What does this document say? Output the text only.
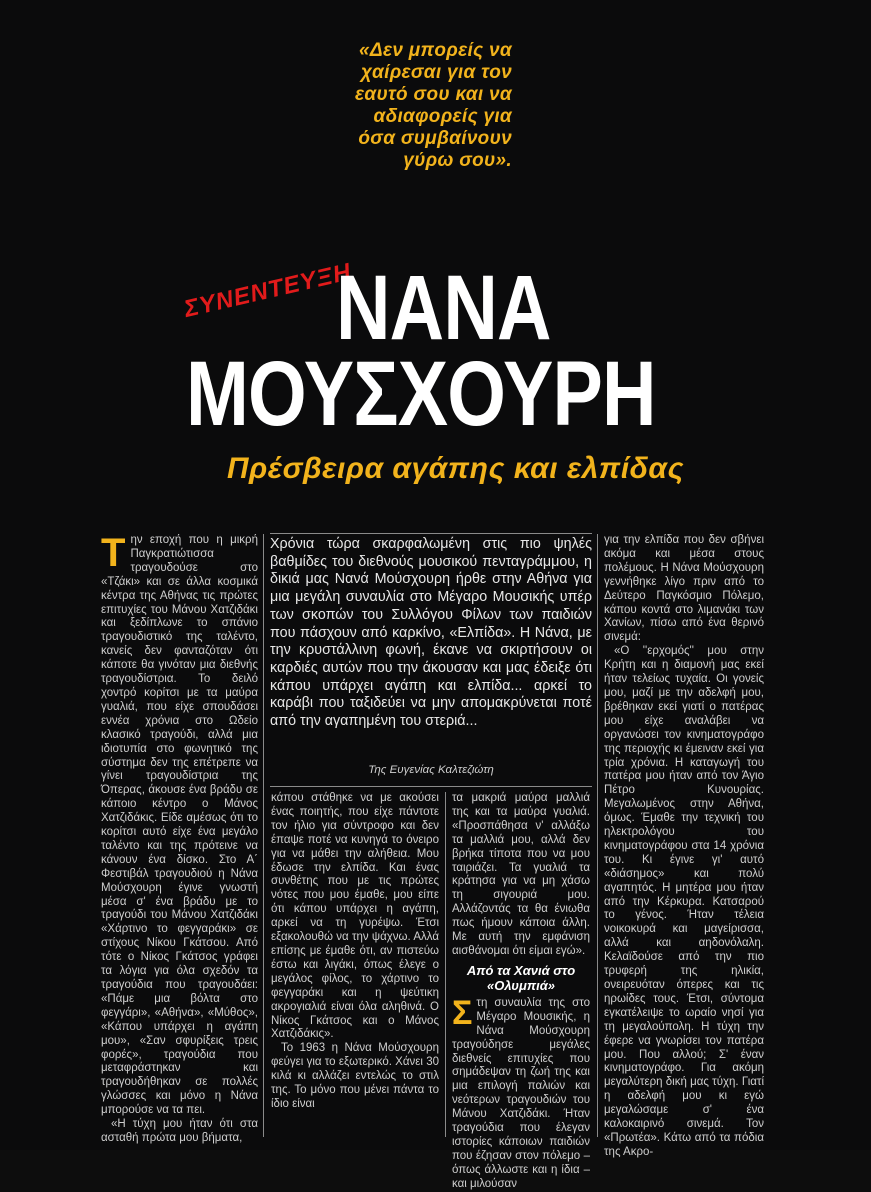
«Δεν μπορείς να χαίρεσαι για τον εαυτό σου και να αδιαφορείς για όσα συμβαίνουν γύρω σου».
ΣΥΝΕΝΤΕΥΞΗ
ΝΑΝΑ
ΜΟΥΣΧΟΥΡΗ
Πρέσβειρα αγάπης και ελπίδας

Την εποχή που η μικρή Παγκρατιώτισσα τραγουδούσε στο «Τζάκι» και σε άλλα κοσμικά κέντρα της Αθήνας τις πρώτες επιτυχίες του Μάνου Χατζιδάκι και ξεδίπλωνε το σπάνιο τραγουδιστικό της ταλέντο, κανείς δεν φανταζόταν ότι κάποτε θα γινόταν μια διεθνής τραγουδίστρια. Το δειλό χοντρό κορίτσι με τα μαύρα γυαλιά, που είχε σπουδάσει εννέα χρόνια στο Ωδείο κλασικό τραγούδι, αλλά μια ιδιοτυπία στο φωνητικό της σύστημα δεν της επέτρεπε να γίνει τραγουδίστρια της Όπερας, άκουσε ένα βράδυ σε κάποιο κέντρο ο Μάνος Χατζιδάκις. Είδε αμέσως ότι το κορίτσι αυτό είχε ένα μεγάλο ταλέντο και της πρότεινε να κάνουν ένα δίσκο. Στο Α΄ Φεστιβάλ τραγουδιού η Νάνα Μούσχουρη έγινε γνωστή μέσα σ' ένα βράδυ με το τραγούδι του Μάνου Χατζιδάκι «Χάρτινο το φεγγαράκι» σε στίχους Νίκου Γκάτσου. Από τότε ο Νίκος Γκάτσος γράφει τα λόγια για όλα σχεδόν τα τραγούδια που τραγουδάει: «Πάμε μια βόλτα στο φεγγάρι», «Αθήνα», «Μύθος», «Κάπου υπάρχει η αγάπη μου», «Σαν σφυρίξεις τρεις φορές», τραγούδια που μεταφράστηκαν και τραγουδήθηκαν σε πολλές γλώσσες και μόνο η Νάνα μπορούσε να τα πει.

«Η τύχη μου ήταν ότι στα ασταθή πρώτα μου βήματα,

Χρόνια τώρα σκαρφαλωμένη στις πιο ψηλές βαθμίδες του διεθνούς μουσικού πενταγράμμου, η δικιά μας Νανά Μούσχουρη ήρθε στην Αθήνα για μια μεγάλη συναυλία στο Μέγαρο Μουσικής υπέρ των σκοπών του Συλλόγου Φίλων των παιδιών που πάσχουν από καρκίνο, «Ελπίδα». Η Νάνα, με την κρυστάλλινη φωνή, έκανε να σκιρτήσουν οι καρδιές αυτών που την άκουσαν και μας έδειξε ότι κάπου υπάρχει αγάπη και ελπίδα... αρκεί το καράβι που ταξιδεύει να μην απομακρύνεται ποτέ από την αγαπημένη του στεριά...
Της Ευγενίας Καλτεζιώτη

κάπου στάθηκε να με ακούσει ένας ποιητής, που είχε πάντοτε τον ήλιο για σύντροφο και δεν έπαψε ποτέ να κυνηγά το όνειρο για να μάθει την αλήθεια. Μου έδωσε την ελπίδα. Και ένας συνθέτης που με τις πρώτες νότες που μου έμαθε, μου είπε ότι κάπου υπάρχει η αγάπη, αρκεί να τη γυρέψω. Έτσι εξακολουθώ να την ψάχνω. Αλλά επίσης με έμαθε ότι, αν πιστεύω έστω και λιγάκι, όπως έλεγε ο μεγάλος φίλος, το χάρτινο το φεγγαράκι και η ψεύτικη ακρογιαλιά είναι όλα αληθινά. Ο Νίκος Γκάτσος και ο Μάνος Χατζιδάκις».

Το 1963 η Νάνα Μούσχουρη φεύγει για το εξωτερικό. Χάνει 30 κιλά κι αλλάζει εντελώς το στιλ της. Το μόνο που μένει πάντα το ίδιο είναι

τα μακριά μαύρα μαλλιά της και τα μαύρα γυαλιά. «Προσπάθησα ν' αλλάξω τα μαλλιά μου, αλλά δεν βρήκα τίποτα που να μου ταιριάζει. Τα γυαλιά τα κράτησα για να μη χάσω τη σιγουριά μου. Αλλάζοντάς τα θα ένιωθα πως ήμουν κάποια άλλη. Με αυτή την εμφάνιση αισθάνομαι ότι είμαι εγώ».

Από τα Χανιά στο «Ολυμπιά»

Στη συναυλία της στο Μέγαρο Μουσικής, η Νάνα Μούσχουρη τραγούδησε μεγάλες διεθνείς επιτυχίες που σημάδεψαν τη ζωή της και μια επιλογή παλιών και νεότερων τραγουδιών του Μάνου Χατζιδάκι. Ήταν τραγούδια που έλεγαν ιστορίες κάποιων παιδιών που έζησαν στον πόλεμο – όπως άλλωστε και η ίδια – και μιλούσαν

για την ελπίδα που δεν σβήνει ακόμα και μέσα στους πολέμους. Η Νάνα Μούσχουρη γεννήθηκε λίγο πριν από το Δεύτερο Παγκόσμιο Πόλεμο, κάπου κοντά στο λιμανάκι των Χανίων, πίσω από ένα θερινό σινεμά:

«Ο ''ερχομός'' μου στην Κρήτη και η διαμονή μας εκεί ήταν τελείως τυχαία. Οι γονείς μου, μαζί με την αδελφή μου, βρέθηκαν εκεί γιατί ο πατέρας μου είχε αναλάβει να οργανώσει τον κινηματογράφο της περιοχής κι έμειναν εκεί για τρία χρόνια. Η καταγωγή του πατέρα μου ήταν από τον Άγιο Πέτρο Κυνουρίας. Μεγαλωμένος στην Αθήνα, όμως. Έμαθε την τεχνική του ηλεκτρολόγου του κινηματογράφου στα 14 χρόνια του. Κι έγινε γι' αυτό «διάσημος» και πολύ αγαπητός. Η μητέρα μου ήταν από την Κέρκυρα. Κατσαρού το γένος. Ήταν τέλεια νοικοκυρά και μαγείρισσα, αλλά και αηδονόλαλη. Κελαϊδούσε από την πιο τρυφερή της ηλικία, ονειρευόταν όπερες και τις ηρωίδες τους. Έτσι, σύντομα εγκατέλειψε το ωραίο νησί για τη μεγαλούπολη. Η τύχη την έφερε να γνωρίσει τον πατέρα μου. Που αλλού; Σ' έναν κινηματογράφο. Για ακόμη μεγαλύτερη δική μας τύχη. Γιατί η αδελφή μου κι εγώ μεγαλώσαμε σ' ένα καλοκαιρινό σινεμά. Τον «Πρωτέα». Κάτω από τα πόδια της Ακρο-
